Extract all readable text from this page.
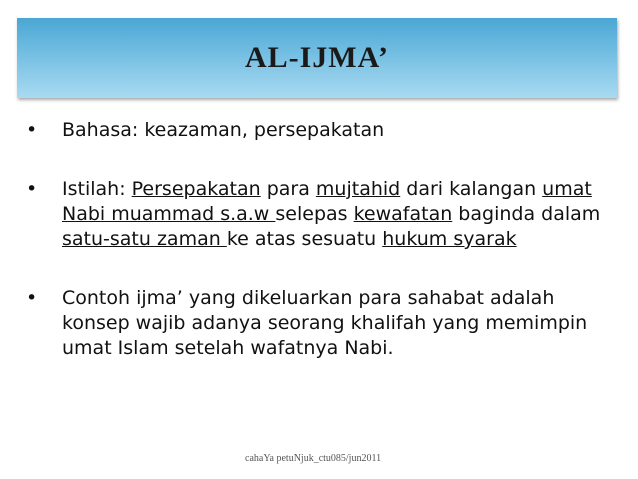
AL-IJMA’
• Bahasa: keazaman, persepakatan
• Istilah: Persepakatan para mujtahid dari kalangan umat Nabi muammad s.a.w selepas kewafatan baginda dalam satu-satu zaman ke atas sesuatu hukum syarak
• Contoh ijma’ yang dikeluarkan para sahabat adalah konsep wajib adanya seorang khalifah yang memimpin umat Islam setelah wafatnya Nabi.
cahaYa petuNjuk_ctu085/jun2011
